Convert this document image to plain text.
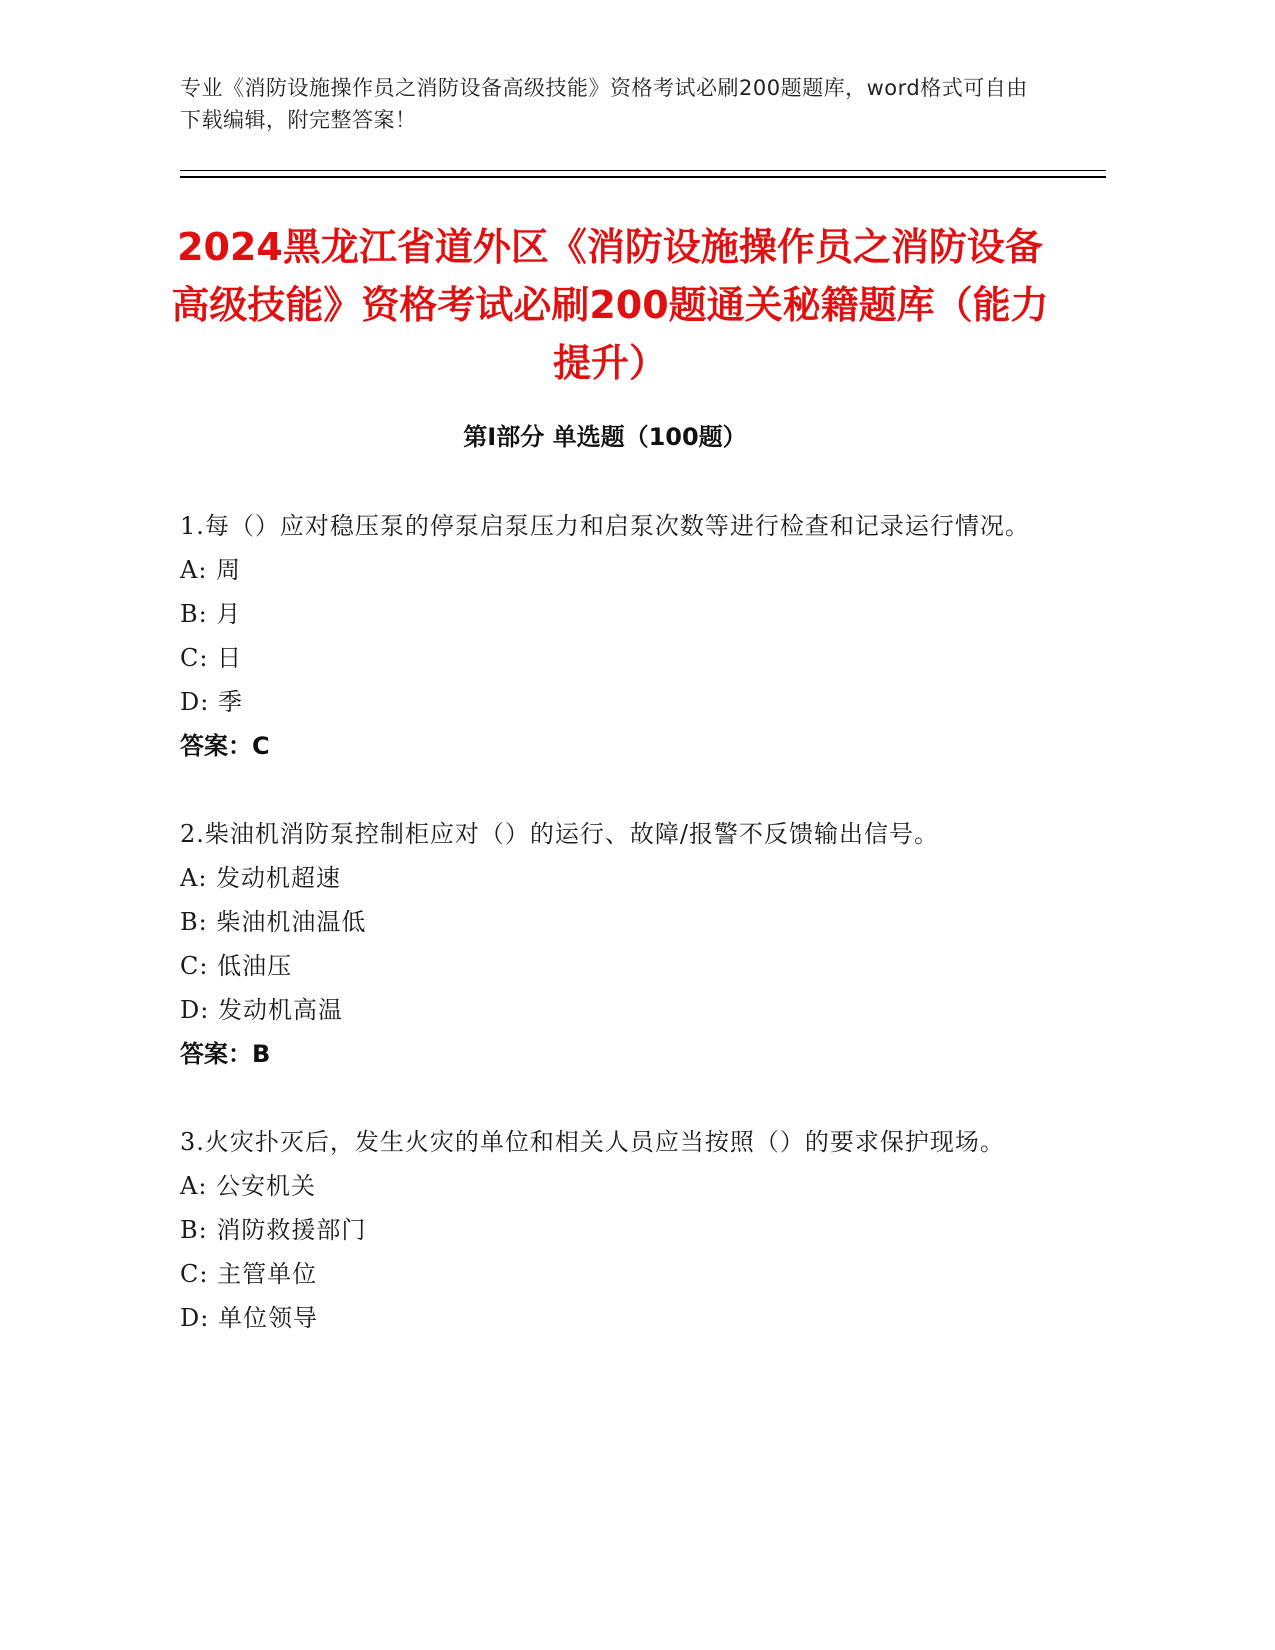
专业《消防设施操作员之消防设备高级技能》资格考试必刷200题题库，word格式可自由下载编辑，附完整答案！
2024黑龙江省道外区《消防设施操作员之消防设备高级技能》资格考试必刷200题通关秘籍题库（能力提升）
第Ⅰ部分 单选题（100题）
1.每（）应对稳压泵的停泵启泵压力和启泵次数等进行检查和记录运行情况。
A: 周
B: 月
C: 日
D: 季
答案：C
2.柴油机消防泵控制柜应对（）的运行、故障/报警不反馈输出信号。
A: 发动机超速
B: 柴油机油温低
C: 低油压
D: 发动机高温
答案：B
3.火灾扑灭后，发生火灾的单位和相关人员应当按照（）的要求保护现场。
A: 公安机关
B: 消防救援部门
C: 主管单位
D: 单位领导
